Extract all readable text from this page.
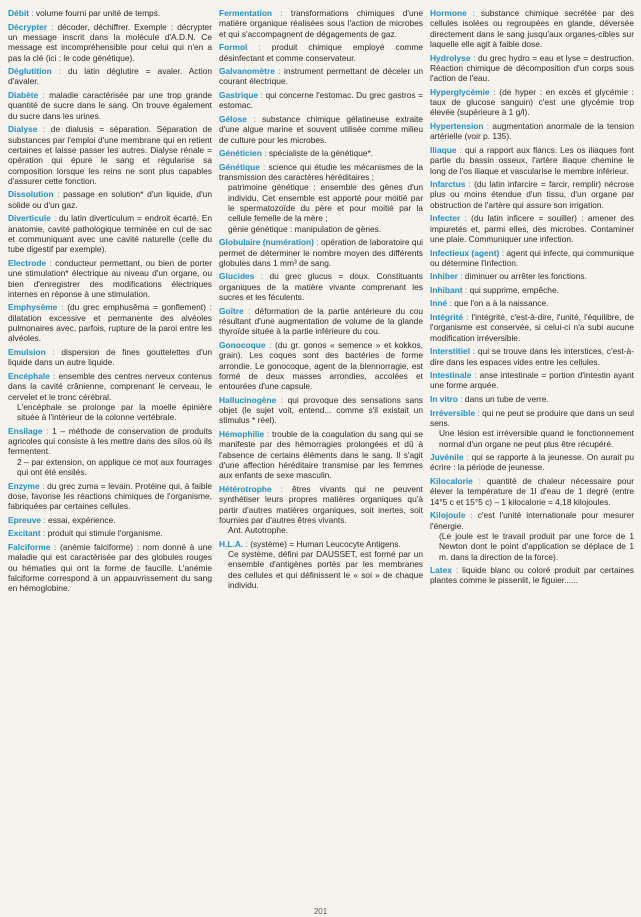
Débit : volume fourni par unité de temps.

Décrypter : décoder, déchiffrer. Exemple : décrypter un message inscrit dans la molécule d'A.D.N. Ce message est incompréhensible pour celui qui n'en a pas la clé (ici : le code génétique).

Déglutition : du latin déglutire = avaler. Action d'avaler.

Diabète : maladie caractérisée par une trop grande quantité de sucre dans le sang. On trouve également du sucre dans les urines.

Dialyse : de dialusis = séparation. Séparation de substances par l'emploi d'une membrane qui en retient certaines et laisse passer les autres. Dialyse rénale = opération qui épure le sang et régularise sa composition lorsque les reins ne sont plus capables d'assurer cette fonction.

Dissolution : passage en solution* d'un liquide, d'un solide ou d'un gaz.

Diverticule : du latin diverticulum = endroit écarté. En anatomie, cavité pathologique terminée en cul de sac et communiquant avec une cavité naturelle (celle du tube digestif par exemple).

Electrode : conducteur permettant, ou bien de porter une stimulation* électrique au niveau d'un organe, ou bien d'enregistrer des modifications électriques internes en réponse à une stimulation.

Emphysème : (du grec emphusêma = gonflement) : dilatation excessive et permanente des alvéoles pulmonaires avec, parfois, rupture de la paroi entre les alvéoles.

Emulsion : dispersion de fines gouttelettes d'un liquide dans un autre liquide.

Encéphale : ensemble des centres nerveux contenus dans la cavité crânienne, comprenant le cerveau, le cervelet et le tronc cérébral.

L'encéphale se prolonge par la moelle épinière située à l'intérieur de la colonne vertébrale.

Ensilage : 1 – méthode de conservation de produits agricoles qui consiste à les mettre dans des silos où ils fermentent.

2 – par extension, on applique ce mot aux fourrages qui ont été ensilés.

Enzyme : du grec zuma = levain. Protéine qui, à faible dose, favorise les réactions chimiques de l'organisme, fabriquées par certaines cellules.

Epreuve : essai, expérience.

Excitant : produit qui stimule l'organisme.

Falciforme : (anémie falciforme) : nom donné à une maladie qui est caractérisée par des globules rouges ou hématies qui ont la forme de faucille. L'anémie falciforme correspond à un appauvrissement du sang en hémoglobine.

Fermentation : transformations chimiques d'une matière organique réalisées sous l'action de microbes et qui s'accompagnent de dégagements de gaz.

Formol : produit chimique employé comme désinfectant et comme conservateur.

Galvanomètre : instrument permettant de déceler un courant électrique.

Gastrique : qui concerne l'estomac. Du grec gastros = estomac.

Gélose : substance chimique gélatineuse extraite d'une algue marine et souvent utilisée comme milieu de culture pour les microbes.

Généticien : spécialiste de la génétique*.

Génétique : science qui étudie les mécanismes de la transmission des caractères héréditaires ;

patrimoine génétique : ensemble des gènes d'un individu. Cet ensemble est apporté pour moitié par le spermatozoïde du père et pour moitié par la cellule femelle de la mère ;

génie génétique : manipulation de gènes.

Globulaire (numération) : opération de laboratoire qui permet de déterminer le nombre moyen des différents globules dans 1 mm³ de sang.

Glucides : du grec glucus = doux. Constituants organiques de la matière vivante comprenant les sucres et les féculents.

Goître : déformation de la partie antérieure du cou résultant d'une augmentation de volume de la glande thyroïde située à la partie inférieure du cou.

Gonocoque : (du gr. gonos « semence » et kokkos, grain). Les coques sont des bactéries de forme arrondie. Le gonocoque, agent de la blennorragie, est formé de deux masses arrondies, accolées et entourées d'une capsule.

Hallucinogène : qui provoque des sensations sans objet (le sujet voit, entend... comme s'il existait un stimulus * réel).

Hémophilie : trouble de la coagulation du sang qui se manifeste par des hémorragies prolongées et dû à l'absence de certains éléments dans le sang. Il s'agit d'une affection héréditaire transmise par les femmes aux enfants de sexe masculin.

Hétérotrophe : êtres vivants qui ne peuvent synthétiser leurs propres matières organiques qu'à partir d'autres matières organiques, soit inertes, soit fournies par d'autres êtres vivants.

Ant. Autotrophe.

H.L.A. : (système) = Human Leucocyte Antigens.

Ce système, défini par DAUSSET, est formé par un ensemble d'antigènes portés par les membranes des cellules et qui définissent le « soi » de chaque individu.

Hormone : substance chimique secrétée par des cellules isolées ou regroupées en glande, déversée directement dans le sang jusqu'aux organes-cibles sur laquelle elle agit à faible dose.

Hydrolyse : du grec hydro = eau et lyse = destruction. Réaction chimique de décomposition d'un corps sous l'action de l'eau.

Hyperglycémie : (de hyper : en excès et glycémie : taux de glucose sanguin) c'est une glycémie trop élevée (supérieure à 1 g/l).

Hypertension : augmentation anormale de la tension artérielle (voir p. 135).

Iliaque : qui a rapport aux flancs. Les os iliaques font partie du bassin osseux, l'artère iliaque chemine le long de l'os iliaque et vascularise le membre inférieur.

Infarctus : (du latin infarcire = farcir, remplir) nécrose plus ou moins étendue d'un tissu, d'un organe par obstruction de l'artère qui assure son irrigation.

Infecter : (du latin inficere = souiller) : amener des impuretés et, parmi elles, des microbes. Contaminer une plaie. Communiquer une infection.

Infectieux (agent) : agent qui infecte, qui communique ou détermine l'infection.

Inhiber : diminuer ou arrêter les fonctions.

Inhibant : qui supprime, empêche.

Inné : que l'on a à la naissance.

Intégrité : l'intégrité, c'est-à-dire, l'unité, l'équilibre, de l'organisme est conservée, si celui-ci n'a subi aucune modification irréversible.

Interstitiel : qui se trouve dans les interstices, c'est-à-dire dans les espaces vides entre les cellules.

Intestinale : anse intestinale = portion d'intestin ayant une forme arquée.

In vitro : dans un tube de verre.

Irréversible : qui ne peut se produire que dans un seul sens.

Une lésion est irréversible quand le fonctionnement normal d'un organe ne peut plus être récupéré.

Juvénile : qui se rapporte à la jeunesse. On aurait pu écrire : la période de jeunesse.

Kilocalorie : quantité de chaleur nécessaire pour élever la température de 1l d'eau de 1 degré (entre 14°5 c et 15°5 c) – 1 kilocalorie = 4,18 kilojoules.

Kilojoule : c'est l'unité internationale pour mesurer l'énergie.

(Le joule est le travail produit par une force de 1 Newton dont le point d'application se déplace de 1 m. dans la direction de la force).

Latex : liquide blanc ou coloré produit par certaines plantes comme le pissenlit, le figuier......

201
